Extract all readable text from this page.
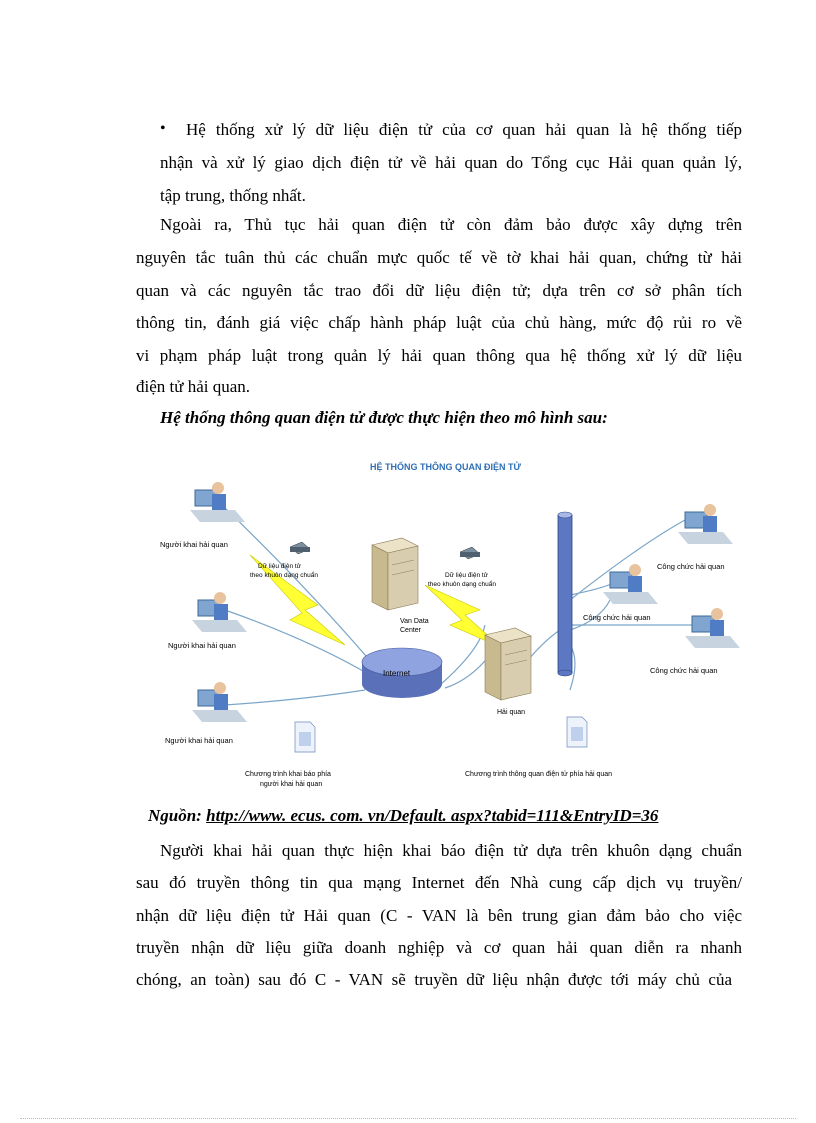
• Hệ thống xử lý dữ liệu điện tử của cơ quan hải quan là hệ thống tiếp
nhận và xử lý giao dịch điện tử về hải quan do Tổng cục Hải quan quản lý,
tập trung, thống nhất.
Ngoài ra, Thủ tục hải quan điện tử còn đảm bảo được xây dựng trên
nguyên tắc tuân thủ các chuẩn mực quốc tế về tờ khai hải quan, chứng từ hải
quan và các nguyên tắc trao đổi dữ liệu điện tử; dựa trên cơ sở phân tích
thông tin, đánh giá việc chấp hành pháp luật của chủ hàng, mức độ rủi ro về
vi phạm pháp luật trong quản lý hải quan thông qua hệ thống xử lý dữ liệu
điện tử hải quan.
Hệ thống thông quan điện tử được thực hiện theo mô hình sau:
HỆ THỐNG THÔNG QUAN ĐIỆN TỬ
Người khai hải quan
Người khai hải quan
Người khai hải quan
Dữ liệu điện tử
theo khuôn dạng chuẩn	Dữ liệu điện tử
theo khuôn dạng chuẩn
Van Data
Center
Internet
Hải quan
Công chức hải quan
Công chức hải quan
Công chức hải quan
Chương trình khai báo phía
người khai hải quan
Chương trình thông quan điện tử phía hải quan
Nguồn: http://www. ecus. com. vn/Default. aspx?tabid=111&EntryID=36
Người khai hải quan thực hiện khai báo điện tử dựa trên khuôn dạng chuẩn
sau đó truyền thông tin qua mạng Internet đến Nhà cung cấp dịch vụ truyền/
nhận dữ liệu điện tử Hải quan (C - VAN là bên trung gian đảm bảo cho việc
truyền nhận dữ liệu giữa doanh nghiệp và cơ quan hải quan diễn ra nhanh
chóng, an toàn) sau đó C - VAN sẽ truyền dữ liệu nhận được tới máy chủ của
